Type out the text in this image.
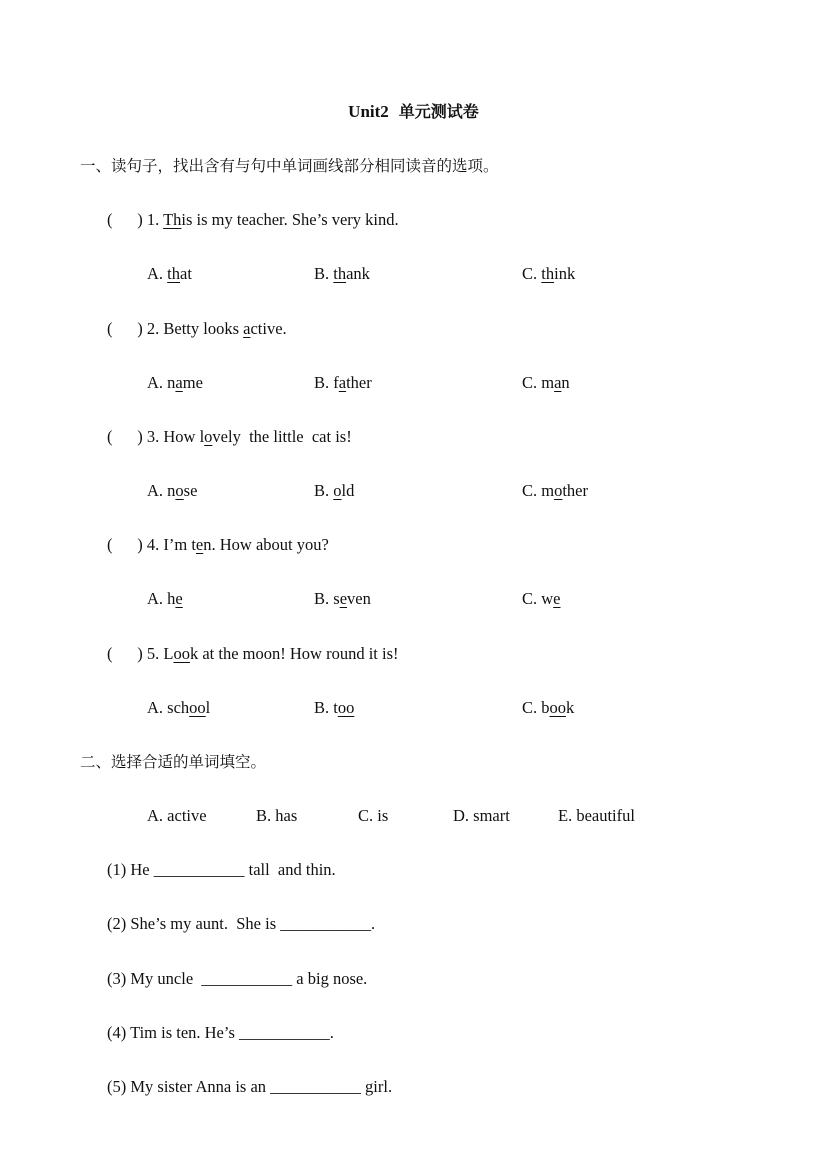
Unit2 单元测试卷
一、读句子，找出含有与句中单词画线部分相同读音的选项。
(      ) 1. This is my teacher. She’s very kind.
A. that	B. thank	C. think
(      ) 2. Betty looks active.
A. name	B. father	C. man
(      ) 3. How lovely  the little  cat is!
A. nose	B. old	C. mother
(      ) 4. I’m ten. How about you?
A. he	B. seven	C. we
(      ) 5. Look at the moon! How round it is!
A. school	B. too	C. book
二、选择合适的单词填空。
A. active	B. has	C. is	D. smart	E. beautiful
(1) He ___________ tall  and thin.
(2) She’s my aunt.  She is ___________.
(3) My uncle  ___________ a big nose.
(4) Tim is ten. He’s ___________.
(5) My sister Anna is an ___________ girl.
